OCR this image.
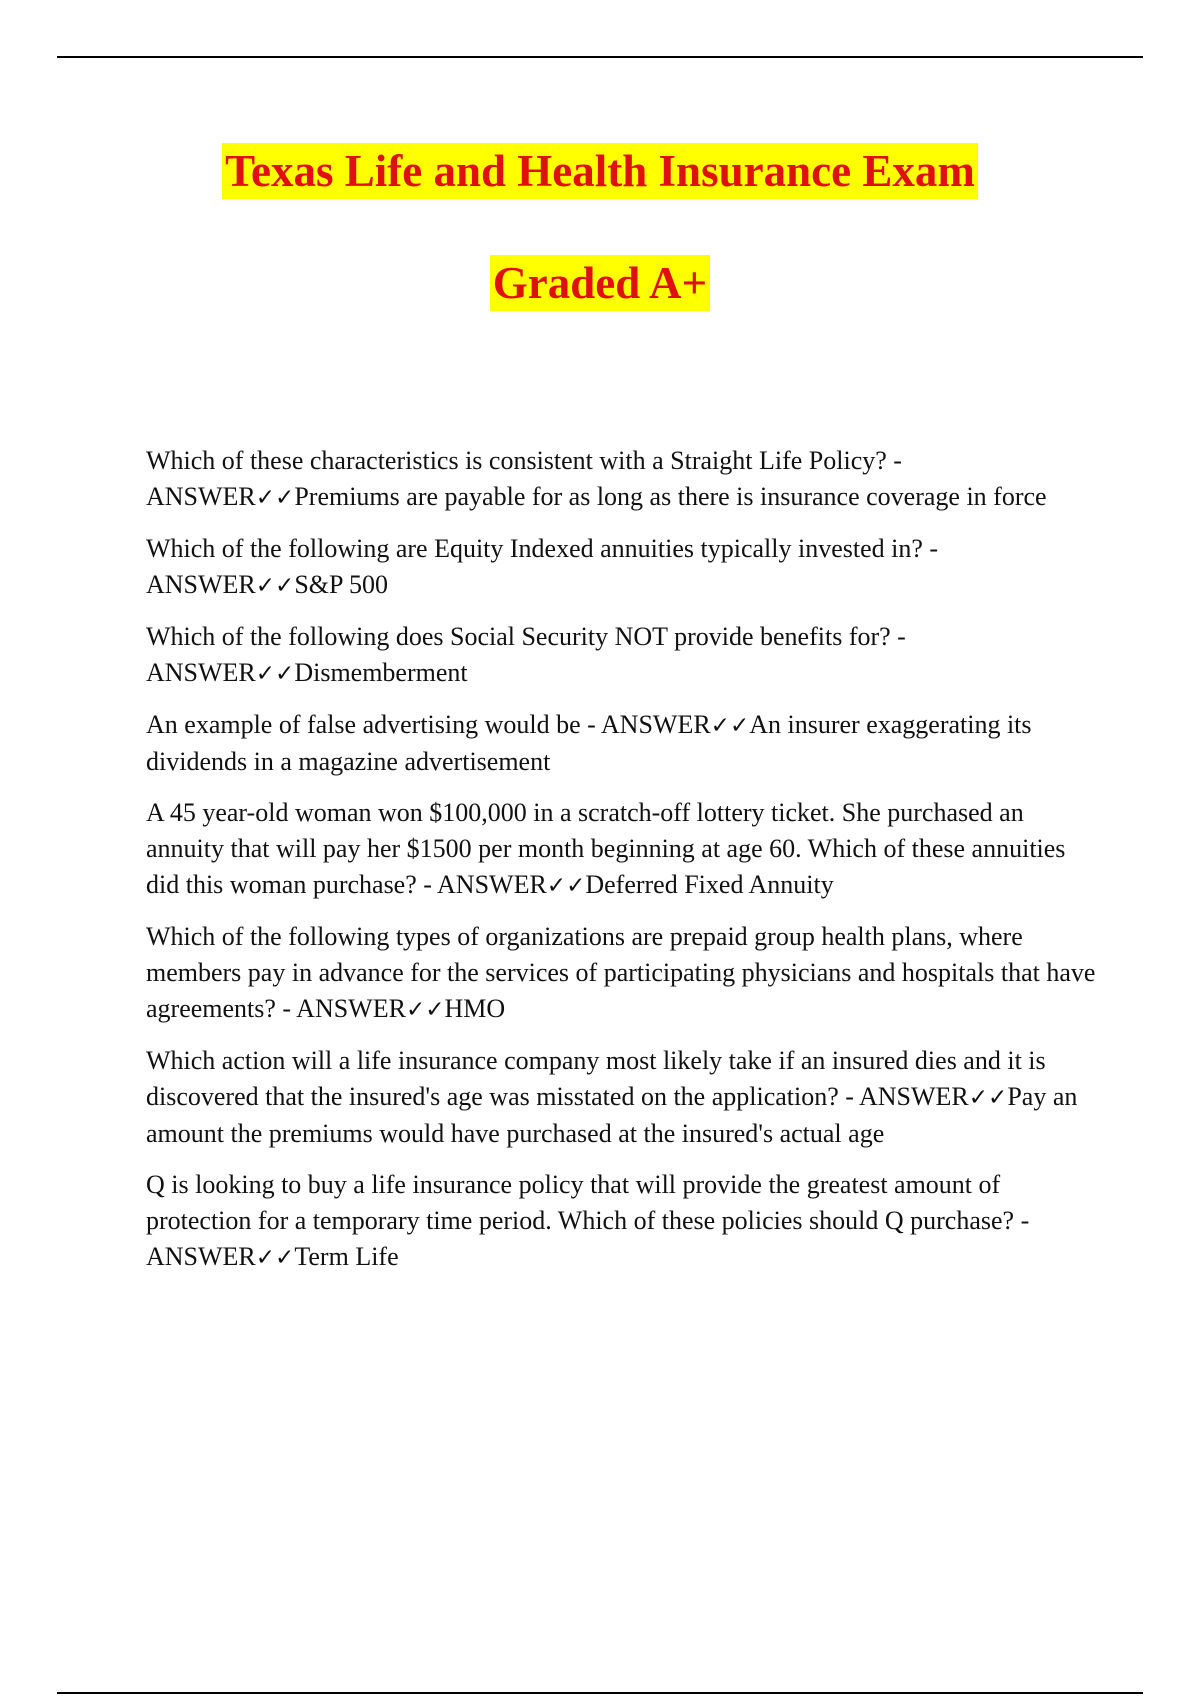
Texas Life and Health Insurance Exam
Graded A+

Which of these characteristics is consistent with a Straight Life Policy? - ANSWER✓✓Premiums are payable for as long as there is insurance coverage in force

Which of the following are Equity Indexed annuities typically invested in? - ANSWER✓✓S&P 500

Which of the following does Social Security NOT provide benefits for? - ANSWER✓✓Dismemberment

An example of false advertising would be - ANSWER✓✓An insurer exaggerating its dividends in a magazine advertisement

A 45 year-old woman won $100,000 in a scratch-off lottery ticket. She purchased an annuity that will pay her $1500 per month beginning at age 60. Which of these annuities did this woman purchase? - ANSWER✓✓Deferred Fixed Annuity

Which of the following types of organizations are prepaid group health plans, where members pay in advance for the services of participating physicians and hospitals that have agreements? - ANSWER✓✓HMO

Which action will a life insurance company most likely take if an insured dies and it is discovered that the insured's age was misstated on the application? - ANSWER✓✓Pay an amount the premiums would have purchased at the insured's actual age

Q is looking to buy a life insurance policy that will provide the greatest amount of protection for a temporary time period. Which of these policies should Q purchase? - ANSWER✓✓Term Life
